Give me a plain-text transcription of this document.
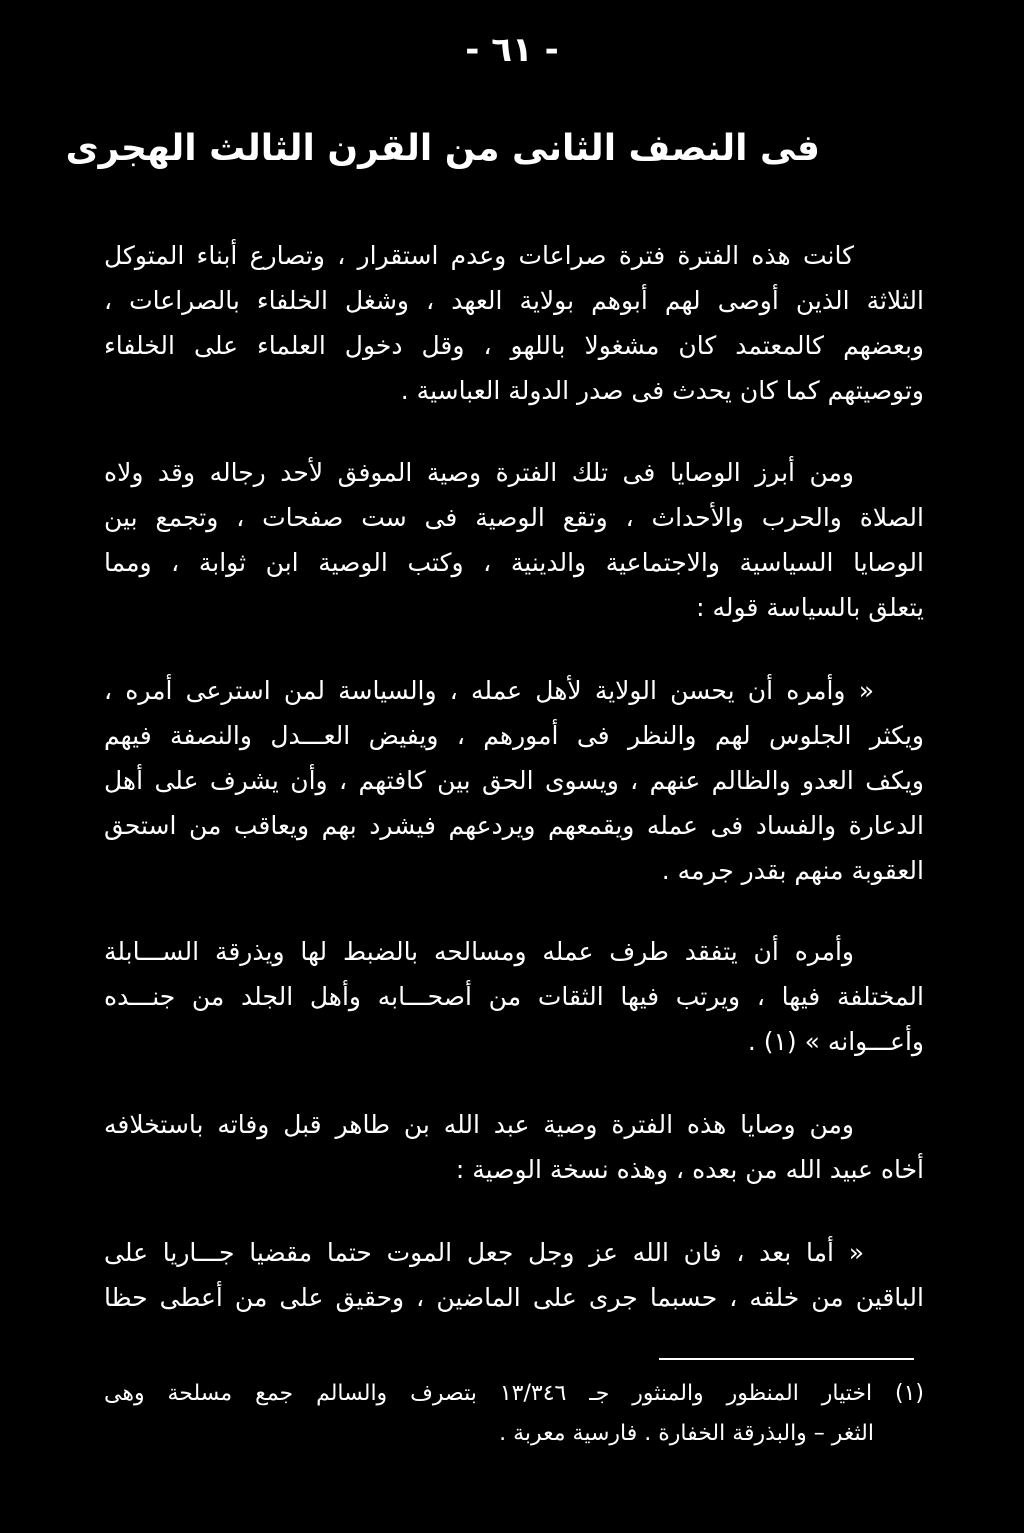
- ٦١ -
فى النصف الثانى من القرن الثالث الهجرى
كانت هذه الفترة فترة صراعات وعدم استقرار ، وتصارع أبناء المتوكل
الثلاثة الذين أوصى لهم أبوهم بولاية العهد ، وشغل الخلفاء بالصراعات ،
وبعضهم كالمعتمد كان مشغولا باللهو ، وقل دخول العلماء على الخلفاء
وتوصيتهم كما كان يحدث فى صدر الدولة العباسية .
ومن أبرز الوصايا فى تلك الفترة وصية الموفق لأحد رجاله وقد ولاه
الصلاة والحرب والأحداث ، وتقع الوصية فى ست صفحات ، وتجمع بين
الوصايا السياسية والاجتماعية والدينية ، وكتب الوصية ابن ثوابة ، ومما
يتعلق بالسياسة قوله :
« وأمره أن يحسن الولاية لأهل عمله ، والسياسة لمن استرعى أمره ،
ويكثر الجلوس لهم والنظر فى أمورهم ، ويفيض العـــدل والنصفة فيهم
ويكف العدو والظالم عنهم ، ويسوى الحق بين كافتهم ، وأن يشرف على أهل
الدعارة والفساد فى عمله ويقمعهم ويردعهم فيشرد بهم ويعاقب من استحق
العقوبة منهم بقدر جرمه .
وأمره أن يتفقد طرف عمله ومسالحه بالضبط لها ويذرقة الســـابلة
المختلفة فيها ، ويرتب فيها الثقات من أصحـــابه وأهل الجلد من جنـــده
وأعـــوانه » (١) .
ومن وصايا هذه الفترة وصية عبد الله بن طاهر قبل وفاته باستخلافه
أخاه عبيد الله من بعده ، وهذه نسخة الوصية :
« أما بعد ، فان الله عز وجل جعل الموت حتما مقضيا جـــاريا على
الباقين من خلقه ، حسبما جرى على الماضين ، وحقيق على من أعطى حظا
(١) اختيار المنظور والمنثور جـ ١٣/٣٤٦ بتصرف والسالم جمع مسلحة وهى
الثغر – والبذرقة الخفارة . فارسية معربة .
